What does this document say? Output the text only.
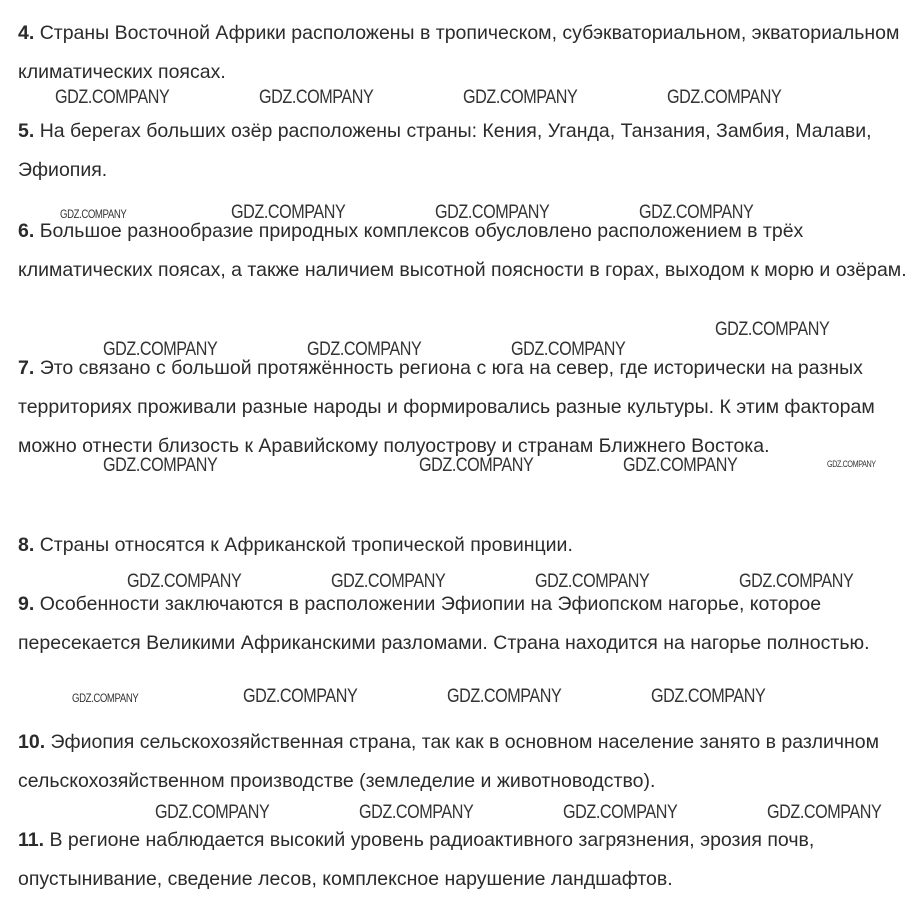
4. Страны Восточной Африки расположены в тропическом, субэкваториальном, экваториальном климатических поясах.

5. На берегах больших озёр расположены страны: Кения, Уганда, Танзания, Замбия, Малави, Эфиопия.

6. Большое разнообразие природных комплексов обусловлено расположением в трёх климатических поясах, а также наличием высотной поясности в горах, выходом к морю и озёрам.

7. Это связано с большой протяжённость региона с юга на север, где исторически на разных территориях проживали разные народы и формировались разные культуры. К этим факторам можно отнести близость к Аравийскому полуострову и странам Ближнего Востока.

8. Страны относятся к Африканской тропической провинции.

9. Особенности заключаются в расположении Эфиопии на Эфиопском нагорье, которое пересекается Великими Африканскими разломами. Страна находится на нагорье полностью.

10. Эфиопия сельскохозяйственная страна, так как в основном население занято в различном сельскохозяйственном производстве (земледелие и животноводство).

11. В регионе наблюдается высокий уровень радиоактивного загрязнения, эрозия почв, опустынивание, сведение лесов, комплексное нарушение ландшафтов.

GDZ.COMPANY	GDZ.COMPANY	GDZ.COMPANY	GDZ.COMPANY
GDZ.COMPANY	GDZ.COMPANY	GDZ.COMPANY	GDZ.COMPANY
GDZ.COMPANY
GDZ.COMPANY	GDZ.COMPANY	GDZ.COMPANY
GDZ.COMPANY	GDZ.COMPANY	GDZ.COMPANY	GDZ.COMPANY
GDZ.COMPANY	GDZ.COMPANY	GDZ.COMPANY	GDZ.COMPANY
GDZ.COMPANY	GDZ.COMPANY	GDZ.COMPANY	GDZ.COMPANY
GDZ.COMPANY	GDZ.COMPANY	GDZ.COMPANY	GDZ.COMPANY
